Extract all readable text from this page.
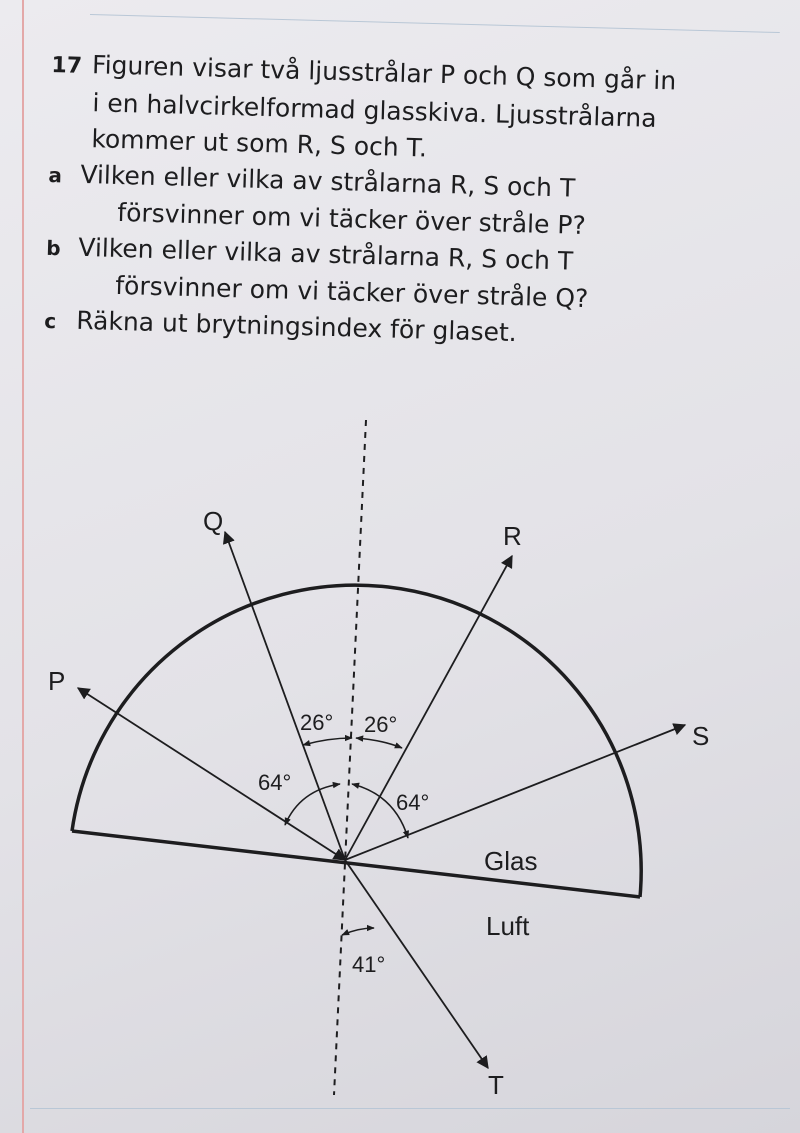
17 Figuren visar två ljusstrålar P och Q som går in
i en halvcirkelformad glasskiva. Ljusstrålarna
kommer ut som R, S och T.
a Vilken eller vilka av strålarna R, S och T
försvinner om vi täcker över stråle P?
b Vilken eller vilka av strålarna R, S och T
försvinner om vi täcker över stråle Q?
c Räkna ut brytningsindex för glaset.
P
Q	R
S
T
26° 26°
64°
64°
41°
Glas
Luft
